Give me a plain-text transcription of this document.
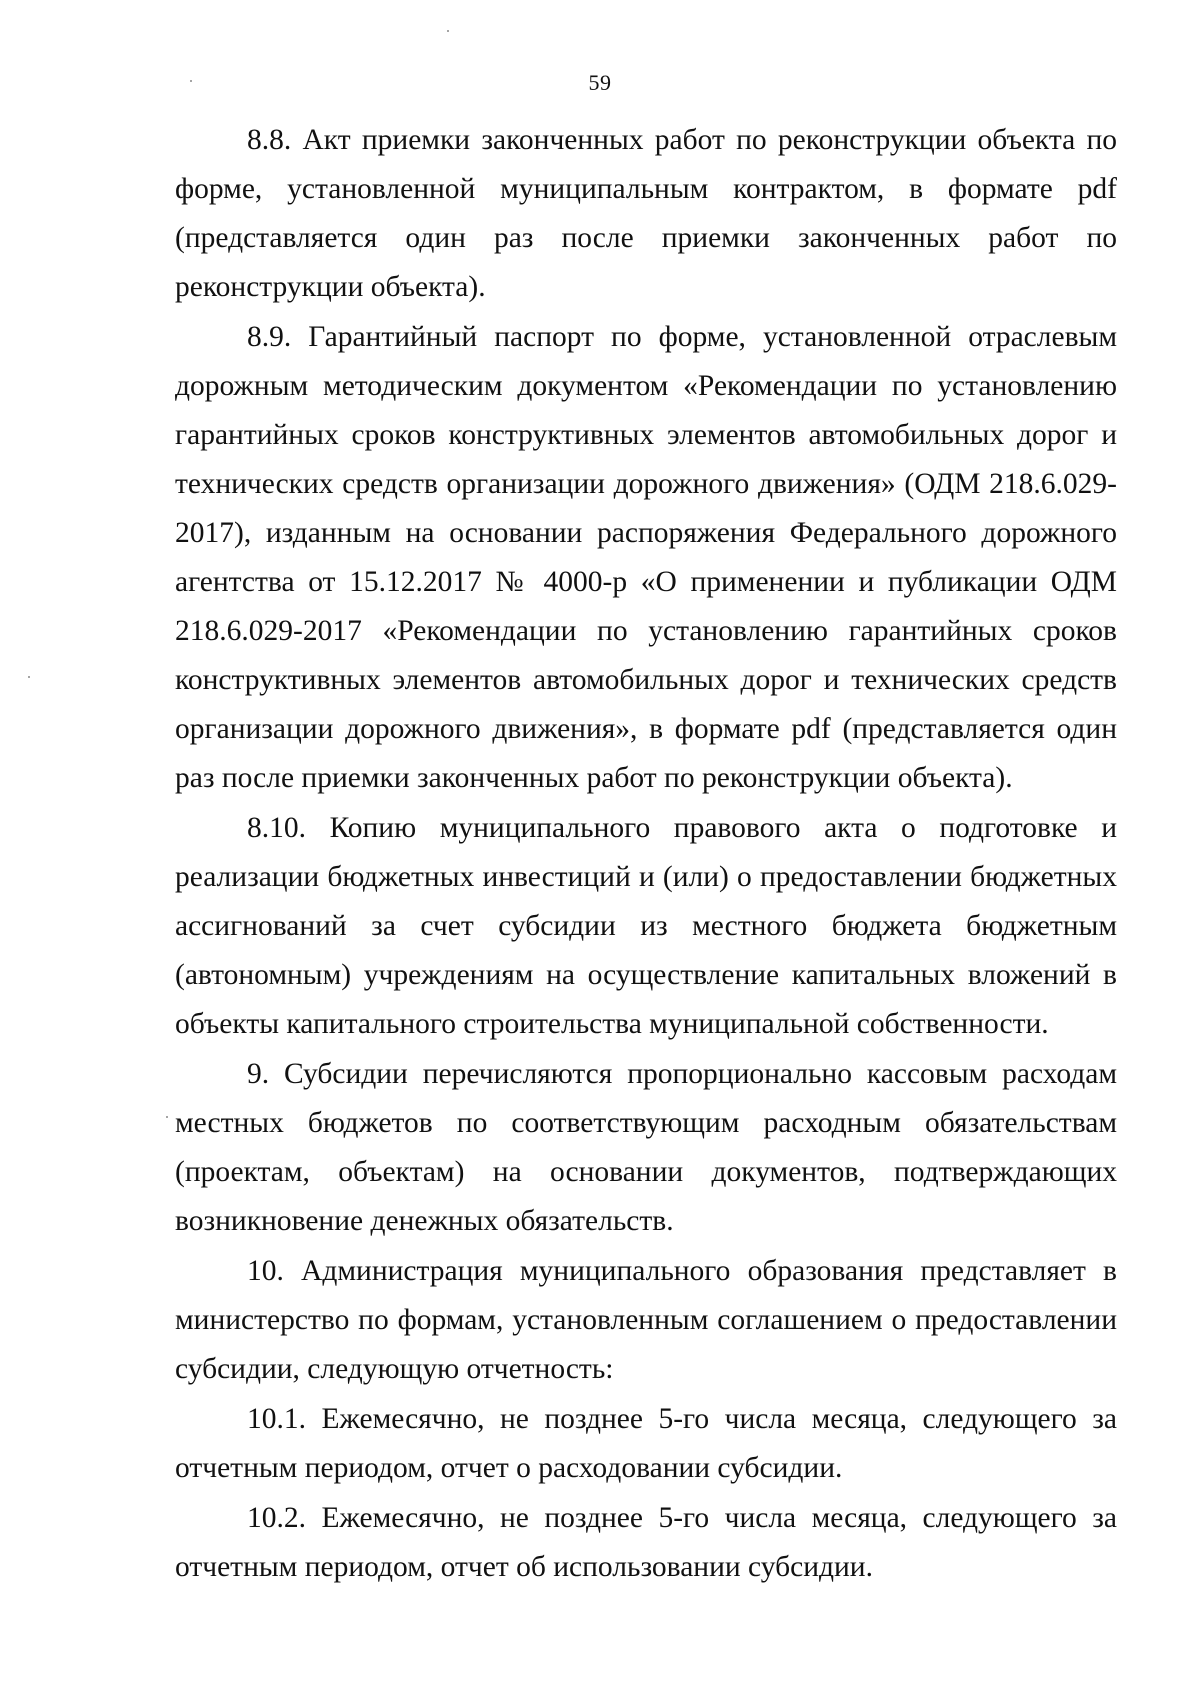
59

8.8. Акт приемки законченных работ по реконструкции объекта по форме, установленной муниципальным контрактом, в формате pdf (представляется один раз после приемки законченных работ по реконструкции объекта).

8.9. Гарантийный паспорт по форме, установленной отраслевым дорожным методическим документом «Рекомендации по установлению гарантийных сроков конструктивных элементов автомобильных дорог и технических средств организации дорожного движения» (ОДМ 218.6.029-2017), изданным на основании распоряжения Федерального дорожного агентства от 15.12.2017 № 4000-р «О применении и публикации ОДМ 218.6.029-2017 «Рекомендации по установлению гарантийных сроков конструктивных элементов автомобильных дорог и технических средств организации дорожного движения», в формате pdf (представляется один раз после приемки законченных работ по реконструкции объекта).

8.10. Копию муниципального правового акта о подготовке и реализации бюджетных инвестиций и (или) о предоставлении бюджетных ассигнований за счет субсидии из местного бюджета бюджетным (автономным) учреждениям на осуществление капитальных вложений в объекты капитального строительства муниципальной собственности.

9. Субсидии перечисляются пропорционально кассовым расходам местных бюджетов по соответствующим расходным обязательствам (проектам, объектам) на основании документов, подтверждающих возникновение денежных обязательств.

10. Администрация муниципального образования представляет в министерство по формам, установленным соглашением о предоставлении субсидии, следующую отчетность:

10.1. Ежемесячно, не позднее 5-го числа месяца, следующего за отчетным периодом, отчет о расходовании субсидии.

10.2. Ежемесячно, не позднее 5-го числа месяца, следующего за отчетным периодом, отчет об использовании субсидии.
